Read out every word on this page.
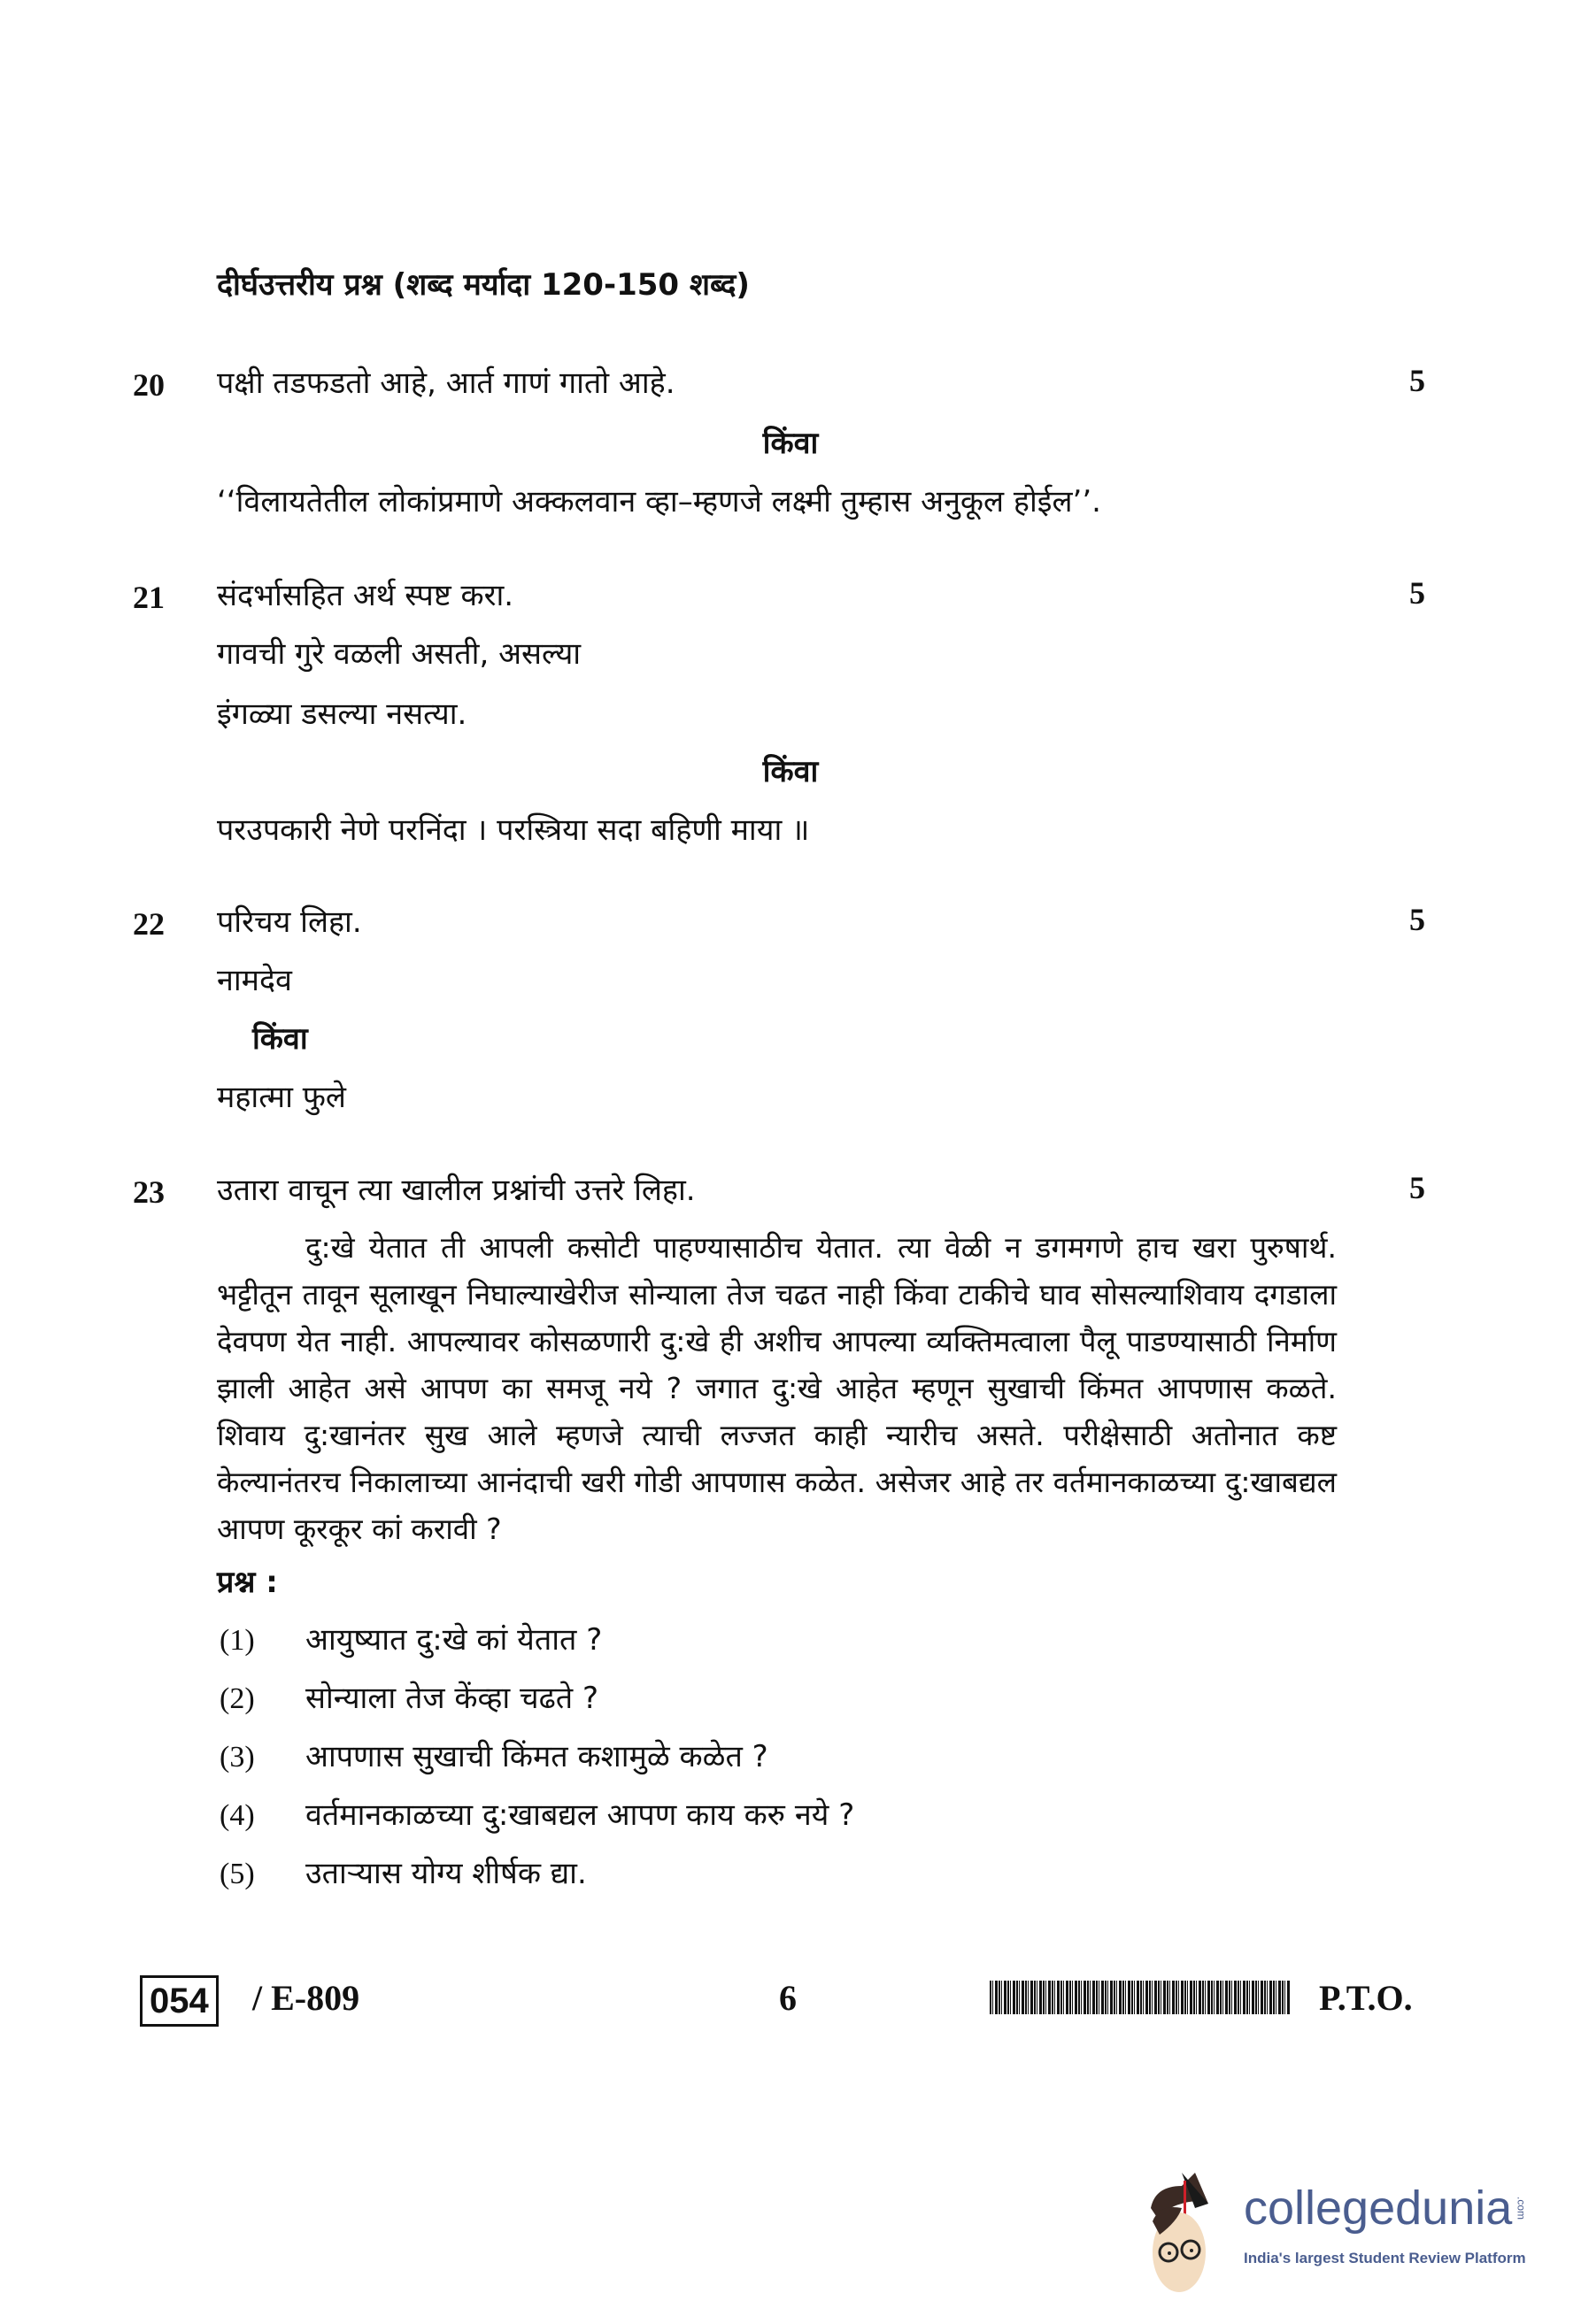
दीर्घउत्तरीय प्रश्न (शब्द मर्यादा 120-150 शब्द)
20 पक्षी तडफडतो आहे, आर्त गाणं गातो आहे.	5
किंवा
‘‘विलायतेतील लोकांप्रमाणे अक्कलवान व्हा–म्हणजे लक्ष्मी तुम्हास अनुकूल होईल’’.
21 संदर्भासहित अर्थ स्पष्ट करा.	5
गावची गुरे वळली असती, असल्या
इंगळ्या डसल्या नसत्या.
किंवा
परउपकारी नेणे परनिंदा । परस्त्रिया सदा बहिणी माया ॥
22 परिचय लिहा.	5
नामदेव
किंवा
महात्मा फुले
23 उतारा वाचून त्या खालील प्रश्नांची उत्तरे लिहा.	5

दु:खे येतात ती आपली कसोटी पाहण्यासाठीच येतात. त्या वेळी न डगमगणे हाच खरा पुरुषार्थ. भट्टीतून तावून सूलाखून निघाल्याखेरीज सोन्याला तेज चढत नाही किंवा टाकीचे घाव सोसल्याशिवाय दगडाला देवपण येत नाही. आपल्यावर कोसळणारी दु:खे ही अशीच आपल्या व्यक्तिमत्वाला पैलू पाडण्यासाठी निर्माण झाली आहेत असे आपण का समजू नये ? जगात दु:खे आहेत म्हणून सुखाची किंमत आपणास कळते. शिवाय दु:खानंतर सुख आले म्हणजे त्याची लज्जत काही न्यारीच असते. परीक्षेसाठी अतोनात कष्ट केल्यानंतरच निकालाच्या आनंदाची खरी गोडी आपणास कळेत. असेजर आहे तर वर्तमानकाळच्या दु:खाबद्यल आपण कूरकूर कां करावी ?

प्रश्न :
(1) आयुष्यात दु:खे कां येतात ?
(2) सोन्याला तेज केंव्हा चढते ?
(3) आपणास सुखाची किंमत कशामुळे कळेत ?
(4) वर्तमानकाळच्या दु:खाबद्यल आपण काय करु नये ?
(5) उताऱ्यास योग्य शीर्षक द्या.
054 / E-809	6	P.T.O.
collegedunia .com
India's largest Student Review Platform
